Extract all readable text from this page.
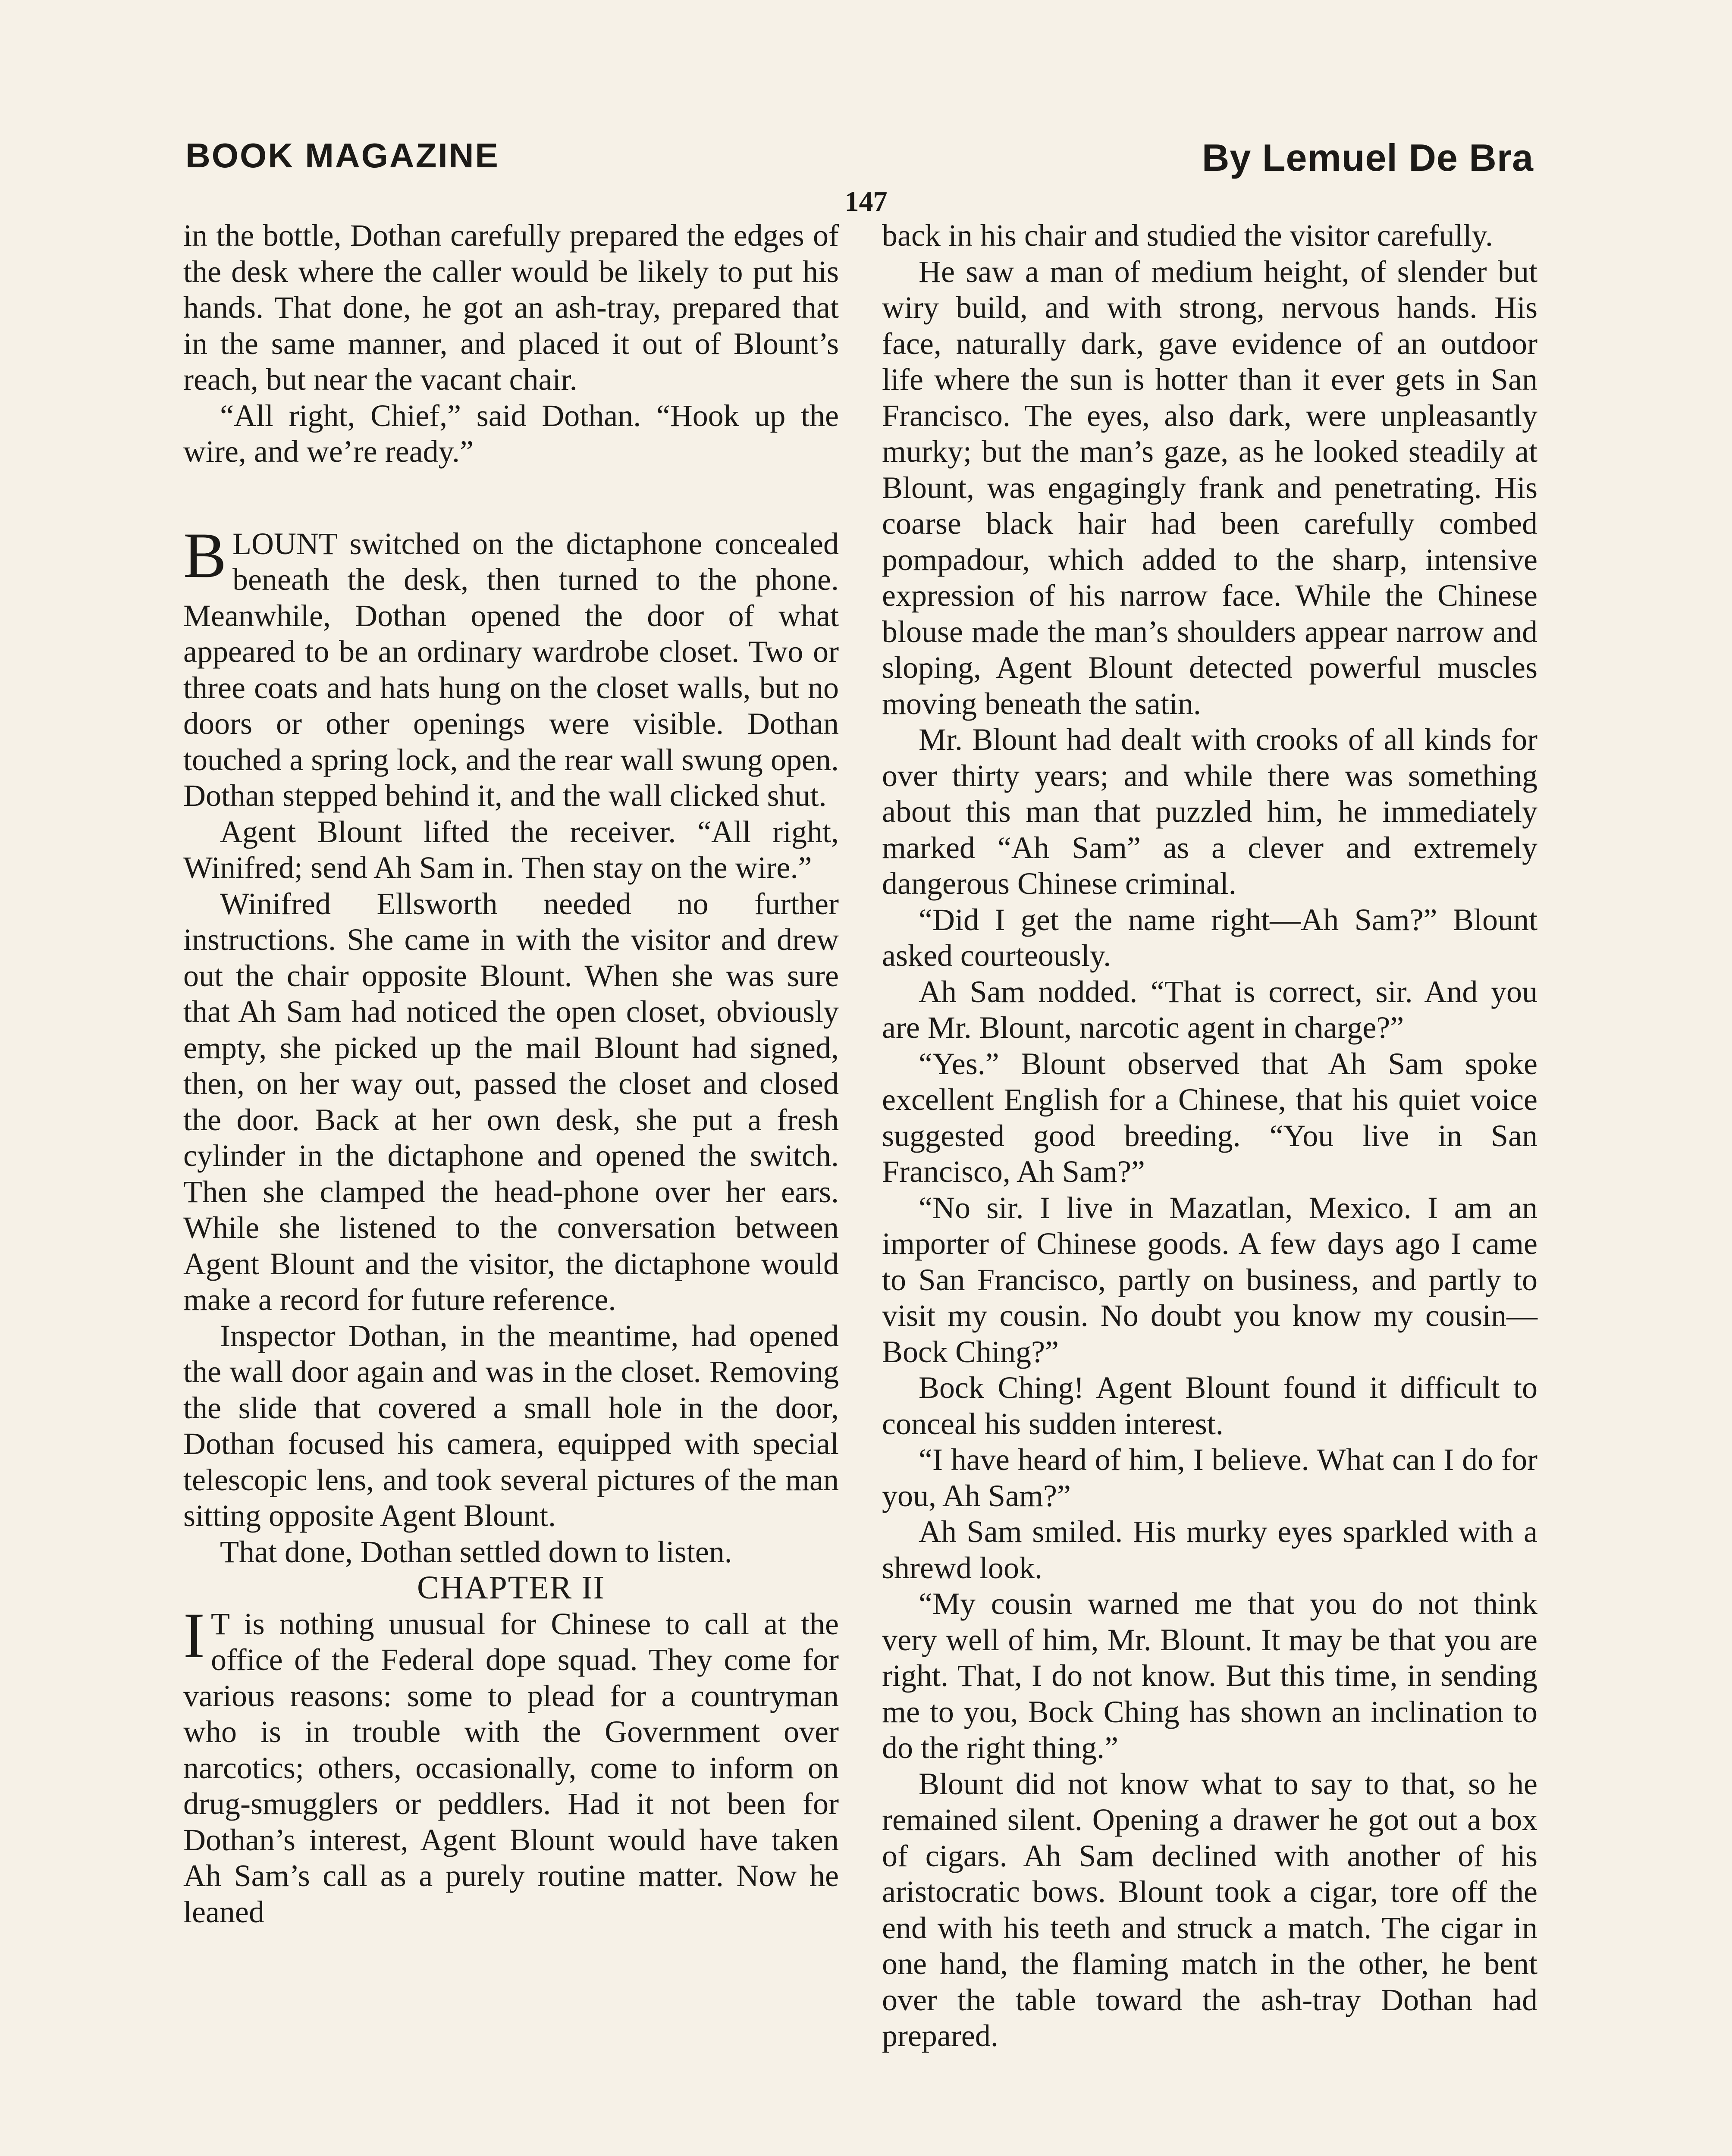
BOOK MAGAZINE	By Lemuel De Bra
147

in the bottle, Dothan carefully prepared the edges of the desk where the caller would be likely to put his hands. That done, he got an ash-tray, prepared that in the same manner, and placed it out of Blount’s reach, but near the vacant chair.

“All right, Chief,” said Dothan. “Hook up the wire, and we’re ready.”

BLOUNT switched on the dictaphone concealed beneath the desk, then turned to the phone. Meanwhile, Dothan opened the door of what appeared to be an ordinary wardrobe closet. Two or three coats and hats hung on the closet walls, but no doors or other openings were visible. Dothan touched a spring lock, and the rear wall swung open. Dothan stepped behind it, and the wall clicked shut.

Agent Blount lifted the receiver. “All right, Winifred; send Ah Sam in. Then stay on the wire.”

Winifred Ellsworth needed no further instructions. She came in with the visitor and drew out the chair opposite Blount. When she was sure that Ah Sam had noticed the open closet, obviously empty, she picked up the mail Blount had signed, then, on her way out, passed the closet and closed the door. Back at her own desk, she put a fresh cylinder in the dictaphone and opened the switch. Then she clamped the head-phone over her ears. While she listened to the conversation between Agent Blount and the visitor, the dictaphone would make a record for future reference.

Inspector Dothan, in the meantime, had opened the wall door again and was in the closet. Removing the slide that covered a small hole in the door, Dothan focused his camera, equipped with special telescopic lens, and took several pictures of the man sitting opposite Agent Blount.

That done, Dothan settled down to listen.

CHAPTER II

I T is nothing unusual for Chinese to call at the office of the Federal dope squad. They come for various reasons: some to plead for a countryman who is in trouble with the Government over narcotics; others, occasionally, come to inform on drug-smugglers or peddlers. Had it not been for Dothan’s interest, Agent Blount would have taken Ah Sam’s call as a purely routine matter. Now he leaned

back in his chair and studied the visitor carefully.

He saw a man of medium height, of slender but wiry build, and with strong, nervous hands. His face, naturally dark, gave evidence of an outdoor life where the sun is hotter than it ever gets in San Francisco. The eyes, also dark, were unpleasantly murky; but the man’s gaze, as he looked steadily at Blount, was engagingly frank and penetrating. His coarse black hair had been carefully combed pompadour, which added to the sharp, intensive expression of his narrow face. While the Chinese blouse made the man’s shoulders appear narrow and sloping, Agent Blount detected powerful muscles moving beneath the satin.

Mr. Blount had dealt with crooks of all kinds for over thirty years; and while there was something about this man that puzzled him, he immediately marked “Ah Sam” as a clever and extremely dangerous Chinese criminal.

“Did I get the name right—Ah Sam?” Blount asked courteously.

Ah Sam nodded. “That is correct, sir. And you are Mr. Blount, narcotic agent in charge?”

“Yes.” Blount observed that Ah Sam spoke excellent English for a Chinese, that his quiet voice suggested good breeding. “You live in San Francisco, Ah Sam?”

“No sir. I live in Mazatlan, Mexico. I am an importer of Chinese goods. A few days ago I came to San Francisco, partly on business, and partly to visit my cousin. No doubt you know my cousin—Bock Ching?”

Bock Ching! Agent Blount found it difficult to conceal his sudden interest.

“I have heard of him, I believe. What can I do for you, Ah Sam?”

Ah Sam smiled. His murky eyes sparkled with a shrewd look.

“My cousin warned me that you do not think very well of him, Mr. Blount. It may be that you are right. That, I do not know. But this time, in sending me to you, Bock Ching has shown an inclination to do the right thing.”

Blount did not know what to say to that, so he remained silent. Opening a drawer he got out a box of cigars. Ah Sam declined with another of his aristocratic bows. Blount took a cigar, tore off the end with his teeth and struck a match. The cigar in one hand, the flaming match in the other, he bent over the table toward the ash-tray Dothan had prepared.
